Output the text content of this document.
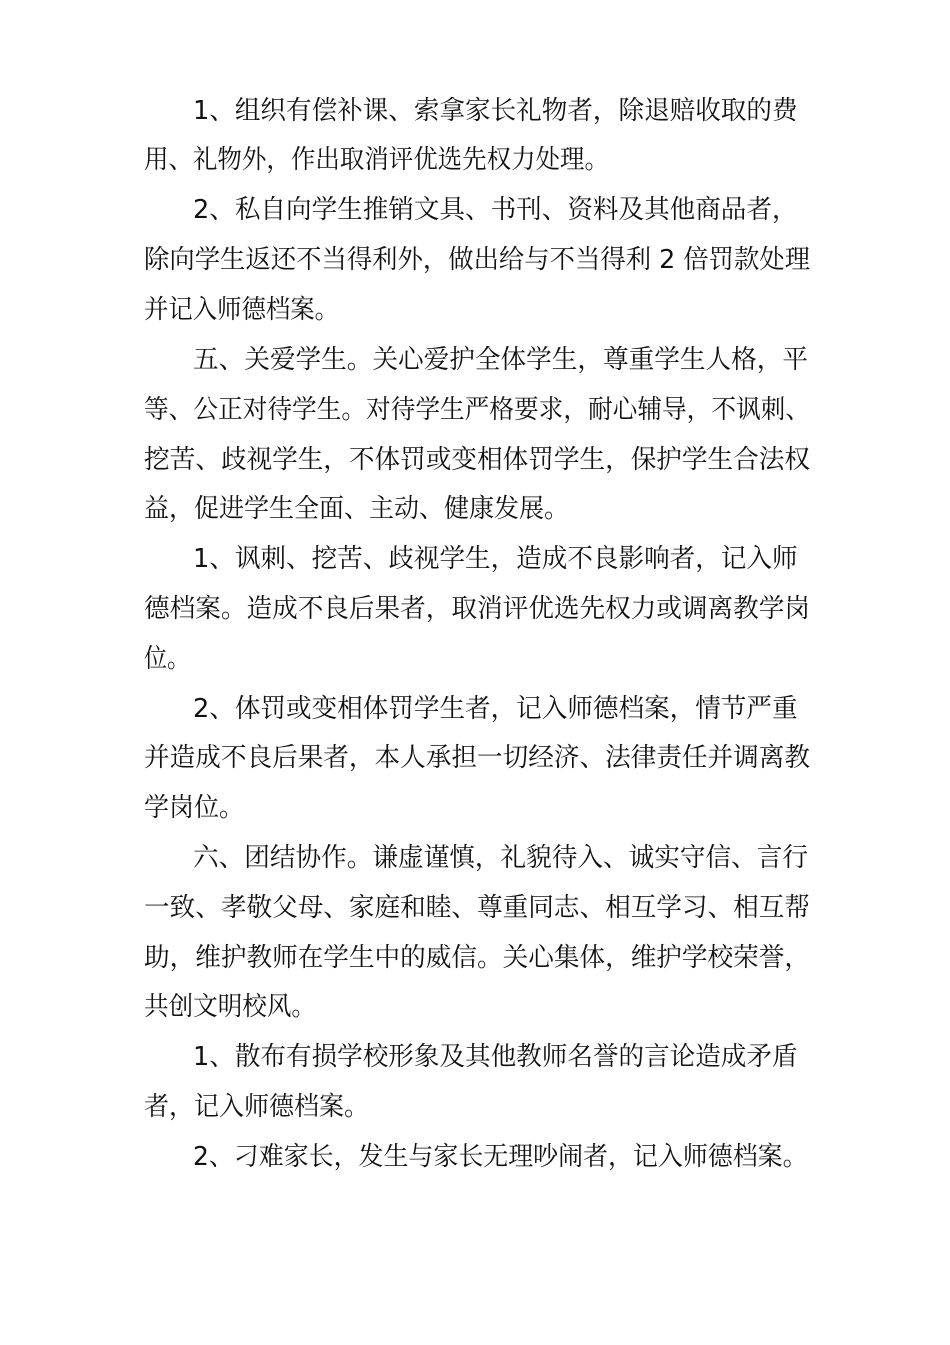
1、组织有偿补课、索拿家长礼物者，除退赔收取的费
用、礼物外，作出取消评优选先权力处理。
2、私自向学生推销文具、书刊、资料及其他商品者，
除向学生返还不当得利外，做出给与不当得利 2 倍罚款处理
并记入师德档案。
五、关爱学生。关心爱护全体学生，尊重学生人格，平
等、公正对待学生。对待学生严格要求，耐心辅导，不讽刺、
挖苦、歧视学生，不体罚或变相体罚学生，保护学生合法权
益，促进学生全面、主动、健康发展。
1、讽刺、挖苦、歧视学生，造成不良影响者，记入师
德档案。造成不良后果者，取消评优选先权力或调离教学岗
位。
2、体罚或变相体罚学生者，记入师德档案，情节严重
并造成不良后果者，本人承担一切经济、法律责任并调离教
学岗位。
六、团结协作。谦虚谨慎，礼貌待入、诚实守信、言行
一致、孝敬父母、家庭和睦、尊重同志、相互学习、相互帮
助，维护教师在学生中的威信。关心集体，维护学校荣誉，
共创文明校风。
1、散布有损学校形象及其他教师名誉的言论造成矛盾
者，记入师德档案。
2、刁难家长，发生与家长无理吵闹者，记入师德档案。
